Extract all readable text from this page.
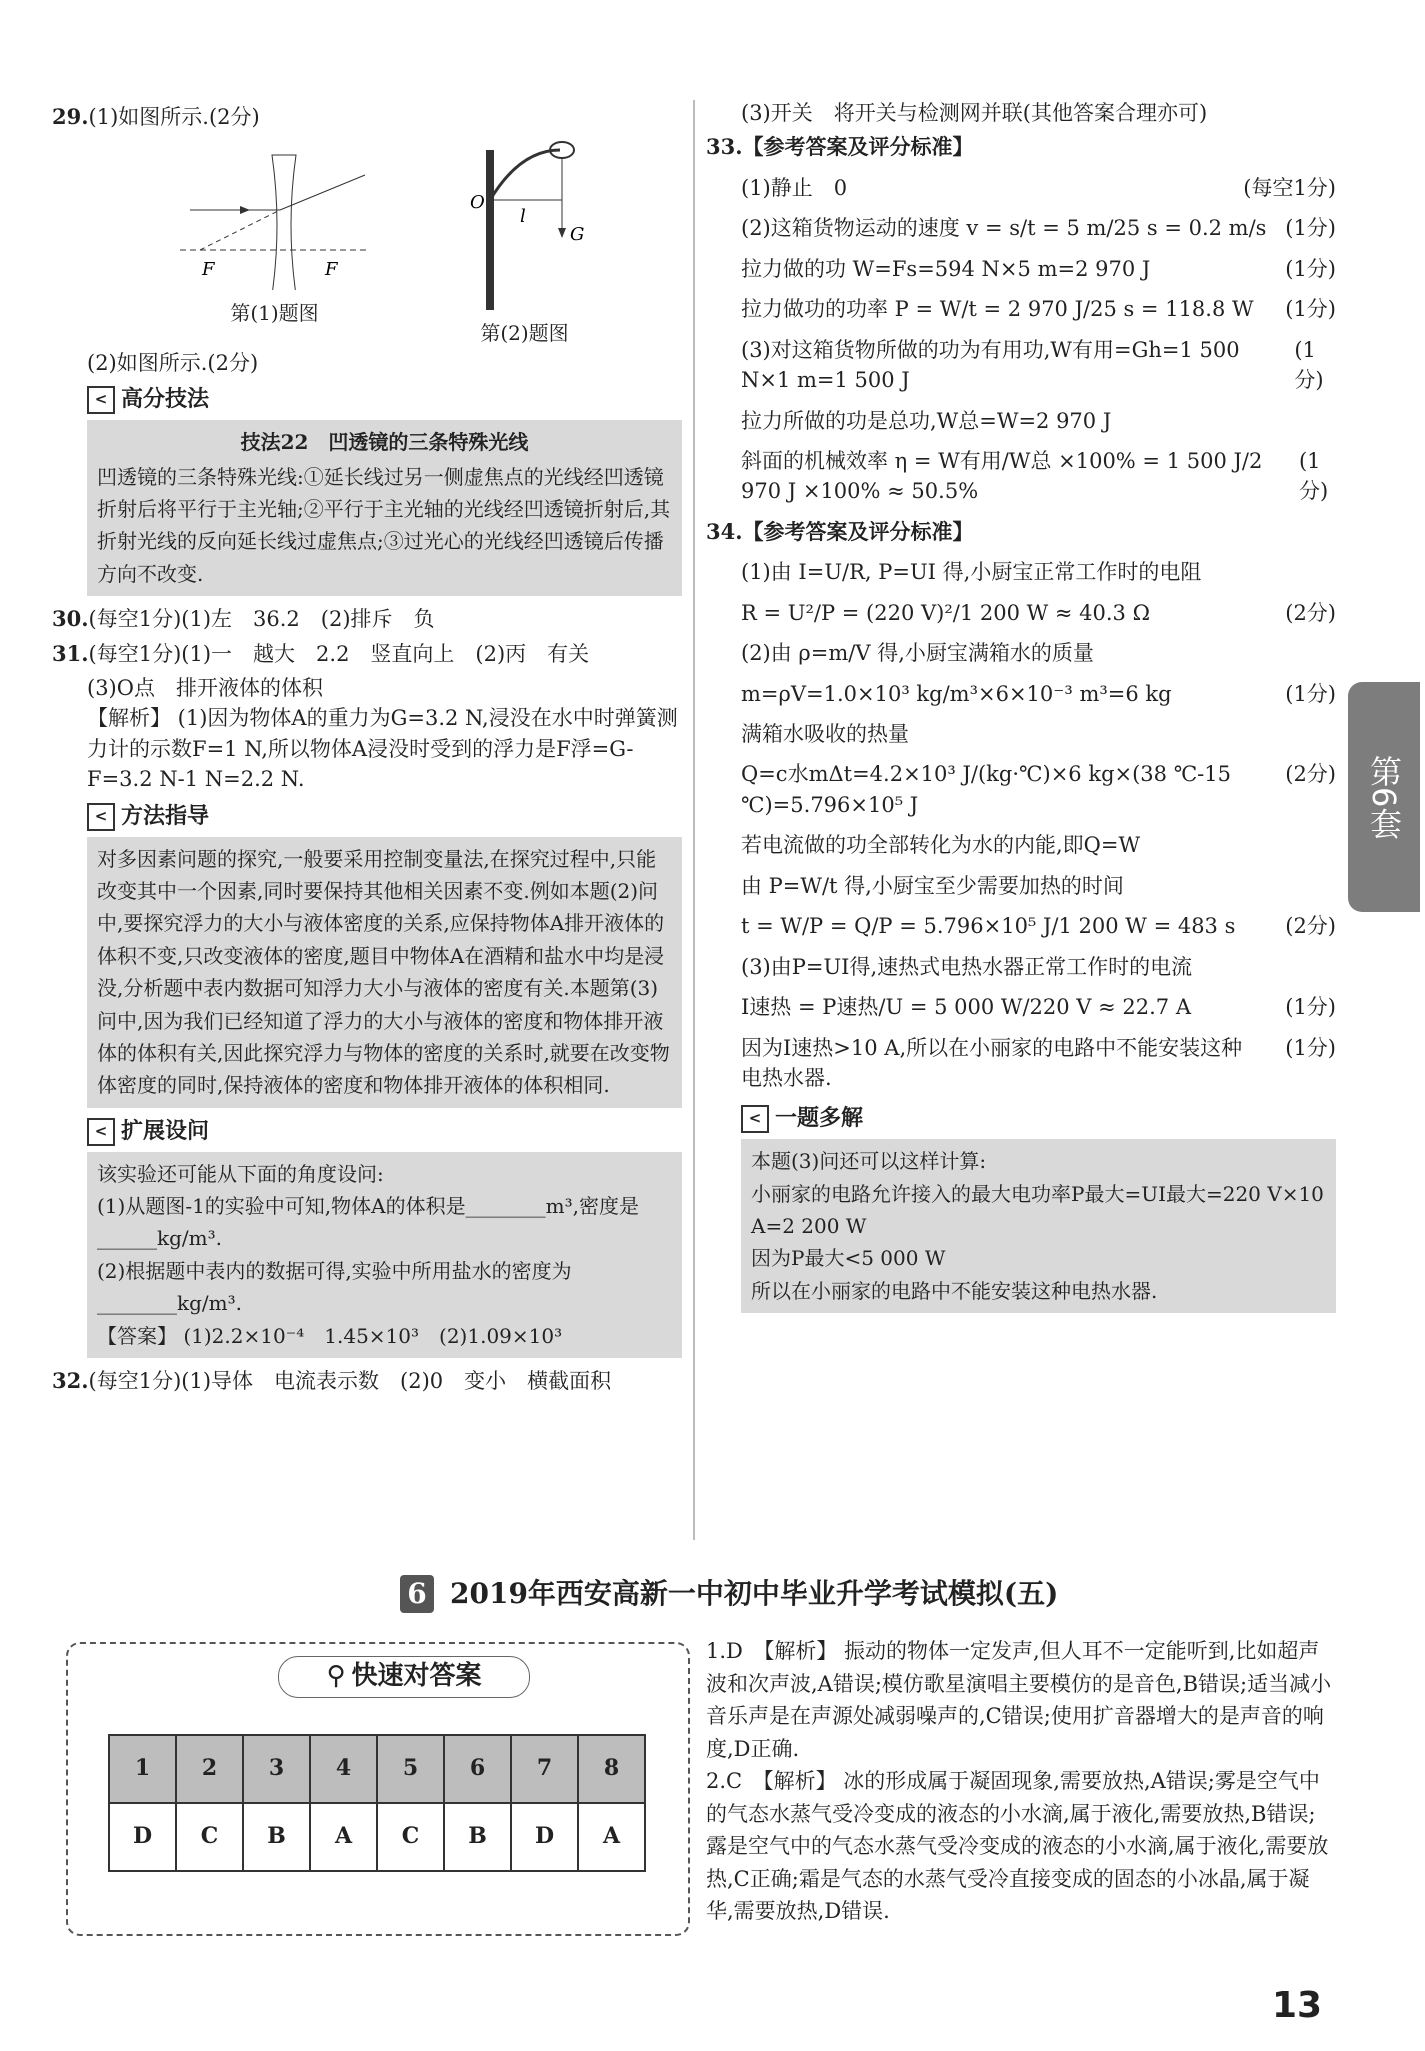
29.(1)如图所示.(2分)

F	F
第(1)题图
O
l
G
第(2)题图

(2)如图所示.(2分)

< 高分技法
技法22　凹透镜的三条特殊光线
凹透镜的三条特殊光线:①延长线过另一侧虚焦点的光线经凹透镜折射后将平行于主光轴;②平行于主光轴的光线经凹透镜折射后,其折射光线的反向延长线过虚焦点;③过光心的光线经凹透镜后传播方向不改变.

30.(每空1分)(1)左　36.2　(2)排斥　负

31.(每空1分)(1)一　越大　2.2　竖直向上　(2)丙　有关

(3)O点　排开液体的体积

【解析】 (1)因为物体A的重力为G=3.2 N,浸没在水中时弹簧测力计的示数F=1 N,所以物体A浸没时受到的浮力是F浮=G-F=3.2 N-1 N=2.2 N.

< 方法指导
对多因素问题的探究,一般要采用控制变量法,在探究过程中,只能改变其中一个因素,同时要保持其他相关因素不变.例如本题(2)问中,要探究浮力的大小与液体密度的关系,应保持物体A排开液体的体积不变,只改变液体的密度,题目中物体A在酒精和盐水中均是浸没,分析题中表内数据可知浮力大小与液体的密度有关.本题第(3)问中,因为我们已经知道了浮力的大小与液体的密度和物体排开液体的体积有关,因此探究浮力与物体的密度的关系时,就要在改变物体密度的同时,保持液体的密度和物体排开液体的体积相同.
< 扩展设问
该实验还可能从下面的角度设问:
(1)从题图-1的实验中可知,物体A的体积是________m³,密度是______kg/m³.
(2)根据题中表内的数据可得,实验中所用盐水的密度为________kg/m³.
【答案】 (1)2.2×10⁻⁴　1.45×10³　(2)1.09×10³

32.(每空1分)(1)导体　电流表示数　(2)0　变小　横截面积

(3)开关　将开关与检测网并联(其他答案合理亦可)

33.【参考答案及评分标准】

(1)静止　0	(每空1分)
(2)这箱货物运动的速度 v = s/t = 5 m/25 s = 0.2 m/s (1分)
拉力做的功 W=Fs=594 N×5 m=2 970 J	(1分)
拉力做功的功率 P = W/t = 2 970 J/25 s = 118.8 W (1分)
(3)对这箱货物所做的功为有用功,W有用=Gh=1 500 N×1 m=1 500 J
(1分)
拉力所做的功是总功,W总=W=2 970 J
斜面的机械效率 η = W有用/W总 ×100% = 1 500 J/2 970 J ×100% ≈ 50.5%
(1分)

34.【参考答案及评分标准】

(1)由 I=U/R, P=UI 得,小厨宝正常工作时的电阻
R = U²/P = (220 V)²/1 200 W ≈ 40.3 Ω	(2分)
(2)由 ρ=m/V 得,小厨宝满箱水的质量
m=ρV=1.0×10³ kg/m³×6×10⁻³ m³=6 kg	(1分)
满箱水吸收的热量
Q=c水mΔt=4.2×10³ J/(kg·℃)×6 kg×(38 ℃-15 ℃)=5.796×10⁵ J
(2分)
若电流做的功全部转化为水的内能,即Q=W
由 P=W/t 得,小厨宝至少需要加热的时间
t = W/P = Q/P = 5.796×10⁵ J/1 200 W = 483 s (2分)
(3)由P=UI得,速热式电热水器正常工作时的电流
I速热 = P速热/U = 5 000 W/220 V ≈ 22.7 A	(1分)
因为I速热>10 A,所以在小丽家的电路中不能安装这种电热水器.
(1分)
< 一题多解
本题(3)问还可以这样计算:
小丽家的电路允许接入的最大电功率P最大=UI最大=220 V×10 A=2 200 W
因为P最大<5 000 W
所以在小丽家的电路中不能安装这种电热水器.
第6套
6 2019年西安高新一中初中毕业升学考试模拟(五)
⚲ 快速对答案
1	2	3	4	5	6	7	8
D	C	B	A	C	B	D	A

1.D　【解析】 振动的物体一定发声,但人耳不一定能听到,比如超声波和次声波,A错误;模仿歌星演唱主要模仿的是音色,B错误;适当减小音乐声是在声源处减弱噪声的,C错误;使用扩音器增大的是声音的响度,D正确.

2.C　【解析】 冰的形成属于凝固现象,需要放热,A错误;雾是空气中的气态水蒸气受冷变成的液态的小水滴,属于液化,需要放热,B错误;露是空气中的气态水蒸气受冷变成的液态的小水滴,属于液化,需要放热,C正确;霜是气态的水蒸气受冷直接变成的固态的小冰晶,属于凝华,需要放热,D错误.

13
